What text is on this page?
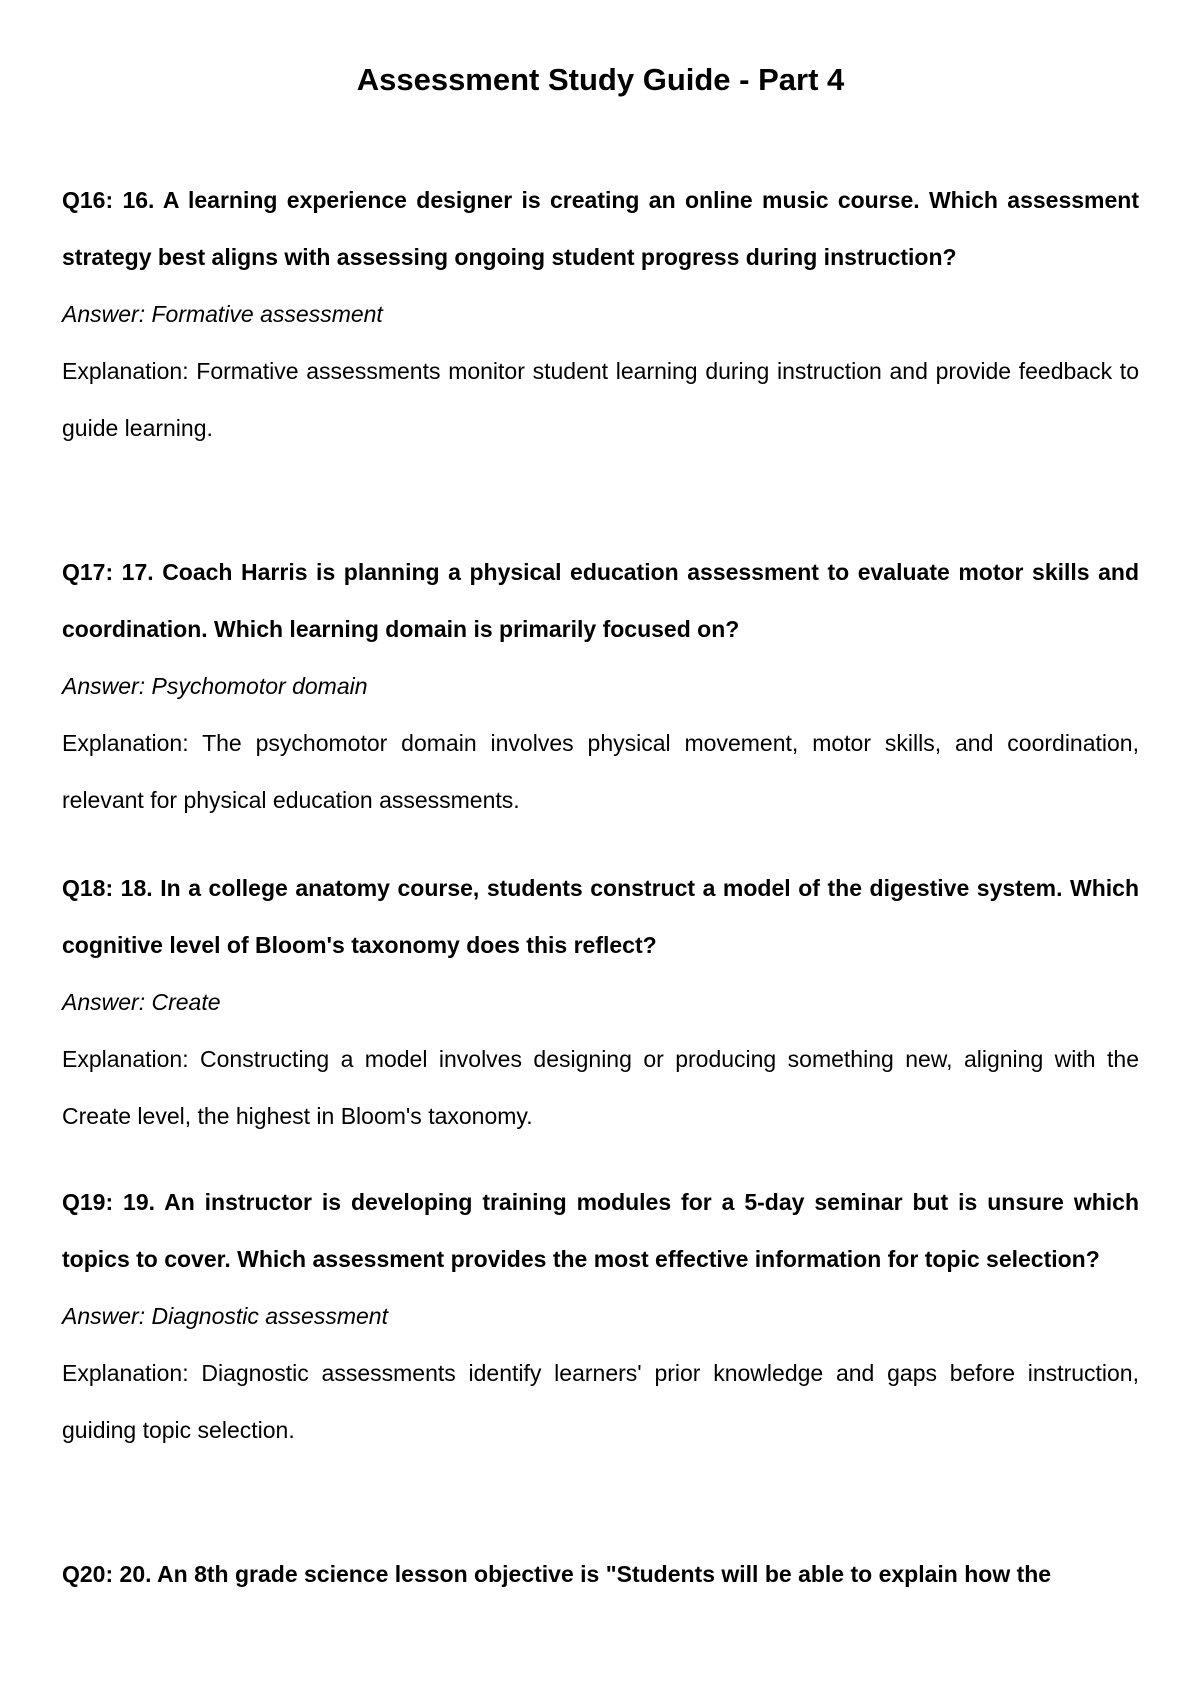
Assessment Study Guide - Part 4

Q16: 16. A learning experience designer is creating an online music course. Which assessment strategy best aligns with assessing ongoing student progress during instruction?

Answer: Formative assessment

Explanation: Formative assessments monitor student learning during instruction and provide feedback to guide learning.

Q17: 17. Coach Harris is planning a physical education assessment to evaluate motor skills and coordination. Which learning domain is primarily focused on?

Answer: Psychomotor domain

Explanation: The psychomotor domain involves physical movement, motor skills, and coordination, relevant for physical education assessments.

Q18: 18. In a college anatomy course, students construct a model of the digestive system. Which cognitive level of Bloom's taxonomy does this reflect?

Answer: Create

Explanation: Constructing a model involves designing or producing something new, aligning with the Create level, the highest in Bloom's taxonomy.

Q19: 19. An instructor is developing training modules for a 5-day seminar but is unsure which topics to cover. Which assessment provides the most effective information for topic selection?

Answer: Diagnostic assessment

Explanation: Diagnostic assessments identify learners' prior knowledge and gaps before instruction, guiding topic selection.

Q20: 20. An 8th grade science lesson objective is "Students will be able to explain how the
